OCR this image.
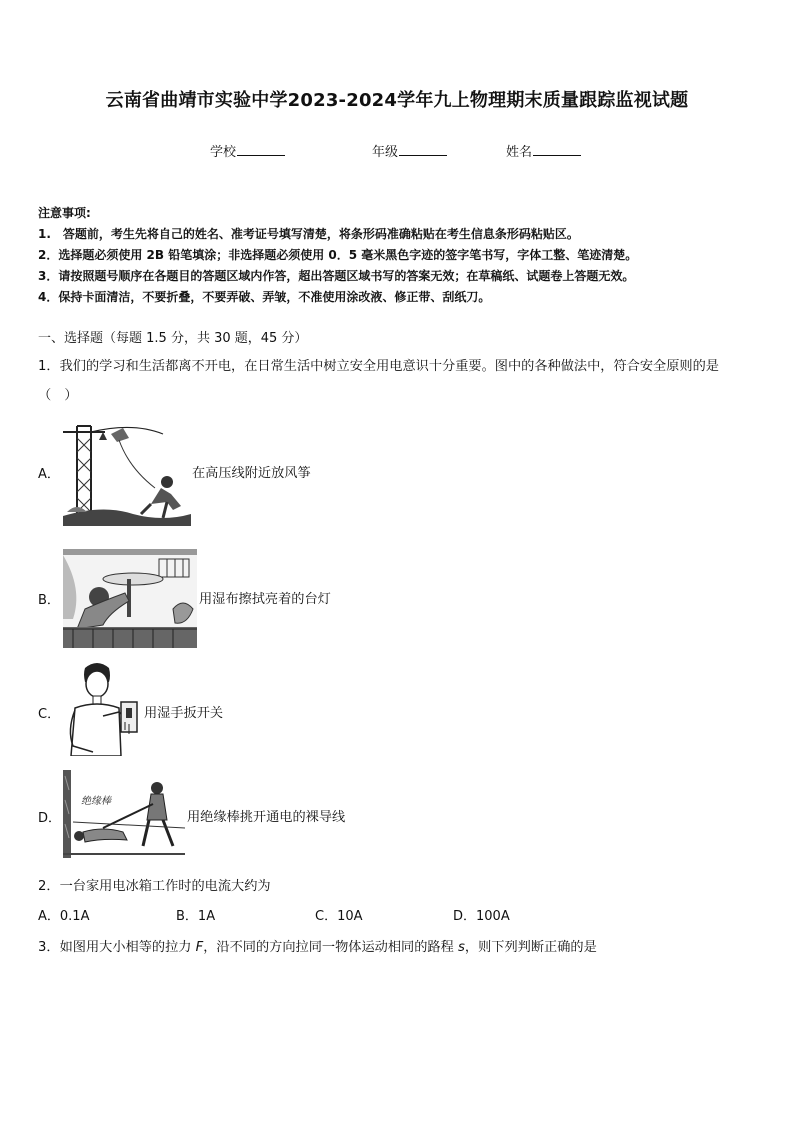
云南省曲靖市实验中学2023-2024学年九上物理期末质量跟踪监视试题
学校	年级	姓名
注意事项:
1.　答题前，考生先将自己的姓名、准考证号填写清楚，将条形码准确粘贴在考生信息条形码粘贴区。
2．选择题必须使用 2B 铅笔填涂；非选择题必须使用 0．5 毫米黑色字迹的签字笔书写，字体工整、笔迹清楚。
3．请按照题号顺序在各题目的答题区域内作答，超出答题区域书写的答案无效；在草稿纸、试题卷上答题无效。
4．保持卡面清洁，不要折叠，不要弄破、弄皱，不准使用涂改液、修正带、刮纸刀。
一、选择题（每题 1.5 分，共 30 题，45 分）
1．我们的学习和生活都离不开电，在日常生活中树立安全用电意识十分重要。图中的各种做法中，符合安全原则的是
（　）
A．	在高压线附近放风筝
B．	用湿布擦拭亮着的台灯
C．	用湿手扳开关
D．
绝缘棒
用绝缘棒挑开通电的裸导线
2．一台家用电冰箱工作时的电流大约为
A．0.1A	B．1A	C．10A	D．100A
3．如图用大小相等的拉力 F，沿不同的方向拉同一物体运动相同的路程 s，则下列判断正确的是
